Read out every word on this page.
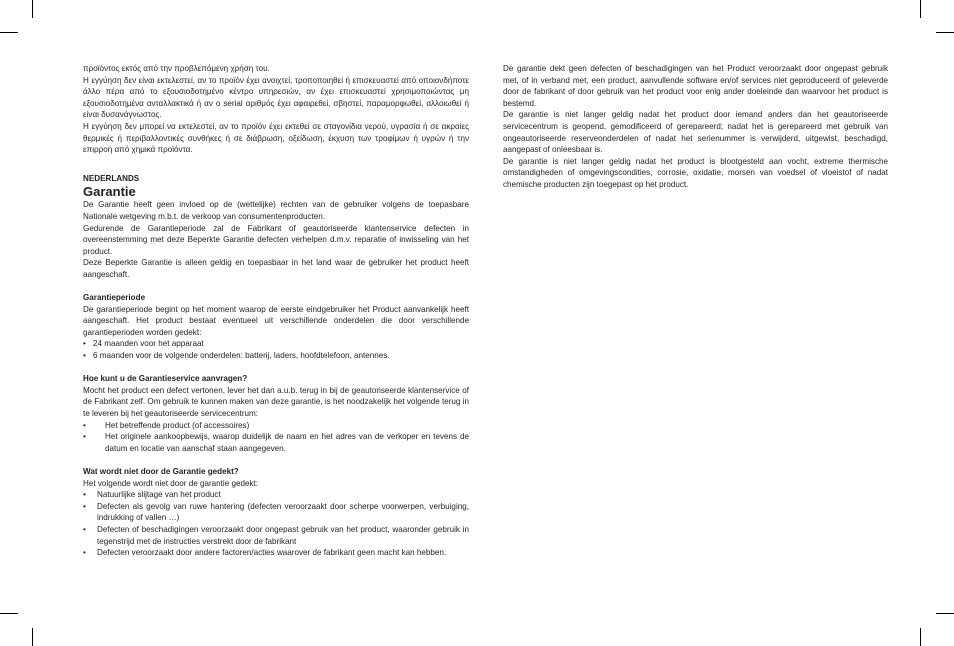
προϊόντος εκτός από την προβλεπόμενη χρήση του.

Η εγγύηση δεν είναι εκτελεστεί, αν το προϊόν έχει ανοιχτεί, τροποποιηθεί ή επισκευαστεί από οποιονδήποτε άλλο πέρα από το εξουσιοδοτημένο κέντρο υπηρεσιών, αν έχει επισκευαστεί χρησιμοποιώντας μη εξουσιοδοτημένα ανταλλακτικά ή αν ο serial αριθμός έχει αφαιρεθεί, σβηστεί, παραμορφωθεί, αλλοιωθεί ή είναι δυσανάγνωστος.

Η εγγύηση δεν μπορεί να εκτελεστεί, αν το προϊόν έχει εκτεθεί σε σταγονίδια νερού, υγρασία ή σε ακραίες θερμικές ή περιβαλλοντικές συνθήκες ή σε διάβρωση, οξείδωση, έκχυση των τροφίμων ή υγρών ή την επιρροή από χημικά προϊόντα.

NEDERLANDS

Garantie

De Garantie heeft geen invloed op de (wettelijke) rechten van de gebruiker volgens de toepasbare Nationale wetgeving m.b.t. de verkoop van consumentenproducten.

Gedurende de Garantieperiode zal de Fabrikant of geautoriseerde klantenservice defecten in overeenstemming met deze Beperkte Garantie defecten verhelpen d.m.v. reparatie of inwisseling van het product.

Deze Beperkte Garantie is alleen geldig en toepasbaar in het land waar de gebruiker het product heeft aangeschaft.

Garantieperiode

De garantieperiode begint op het moment waarop de eerste eindgebruiker het Product aanvankelijk heeft aangeschaft. Het product bestaat eventueel uit verschillende onderdelen die door verschillende garantieperioden worden gedekt:

• 24 maanden voor het apparaat
• 6 maanden voor de volgende onderdelen: batterij, laders, hoofdtelefoon, antennes.

Hoe kunt u de Garantieservice aanvragen?

Mocht het product een defect vertonen, lever het dan a.u.b. terug in bij de geautoriseerde klantenservice of de Fabrikant zelf. Om gebruik te kunnen maken van deze garantie, is het noodzakelijk het volgende terug in te leveren bij het geautoriseerde servicecentrum:

• Het betreffende product (of accessoires)
• Het originele aankoopbewijs, waarop duidelijk de naam en het adres van de verkoper en tevens de datum en locatie van aanschaf staan aangegeven.

Wat wordt niet door de Garantie gedekt?

Het volgende wordt niet door de garantie gedekt:

• Natuurlijke slijtage van het product
• Defecten als gevolg van ruwe hantering (defecten veroorzaakt door scherpe voorwerpen, verbuiging, indrukking of vallen …)
• Defecten of beschadigingen veroorzaakt door ongepast gebruik van het product, waaronder gebruik in tegenstrijd met de instructies verstrekt door de fabrikant
• Defecten veroorzaakt door andere factoren/acties waarover de fabrikant geen macht kan hebben.

De garantie dekt geen defecten of beschadigingen van het Product veroorzaakt door ongepast gebruik met, of in verband met, een product, aanvullende software en/of services niet geproduceerd of geleverde door de fabrikant of door gebruik van het product voor enig ander doeleinde dan waarvoor het product is bestemd.

De garantie is niet langer geldig nadat het product door iemand anders dan het geautoriseerde servicecentrum is geopend, gemodificeerd of gerepareerd; nadat het is gerepareerd met gebruik van ongeautoriseerde reserveonderdelen of nadat het serienummer is verwijderd, uitgewist, beschadigd, aangepast of onleesbaar is.

De garantie is niet langer geldig nadat het product is blootgesteld aan vocht, extreme thermische omstandigheden of omgevingscondities, corrosie, oxidatie, morsen van voedsel of vloeistof of nadat chemische producten zijn toegepast op het product.
